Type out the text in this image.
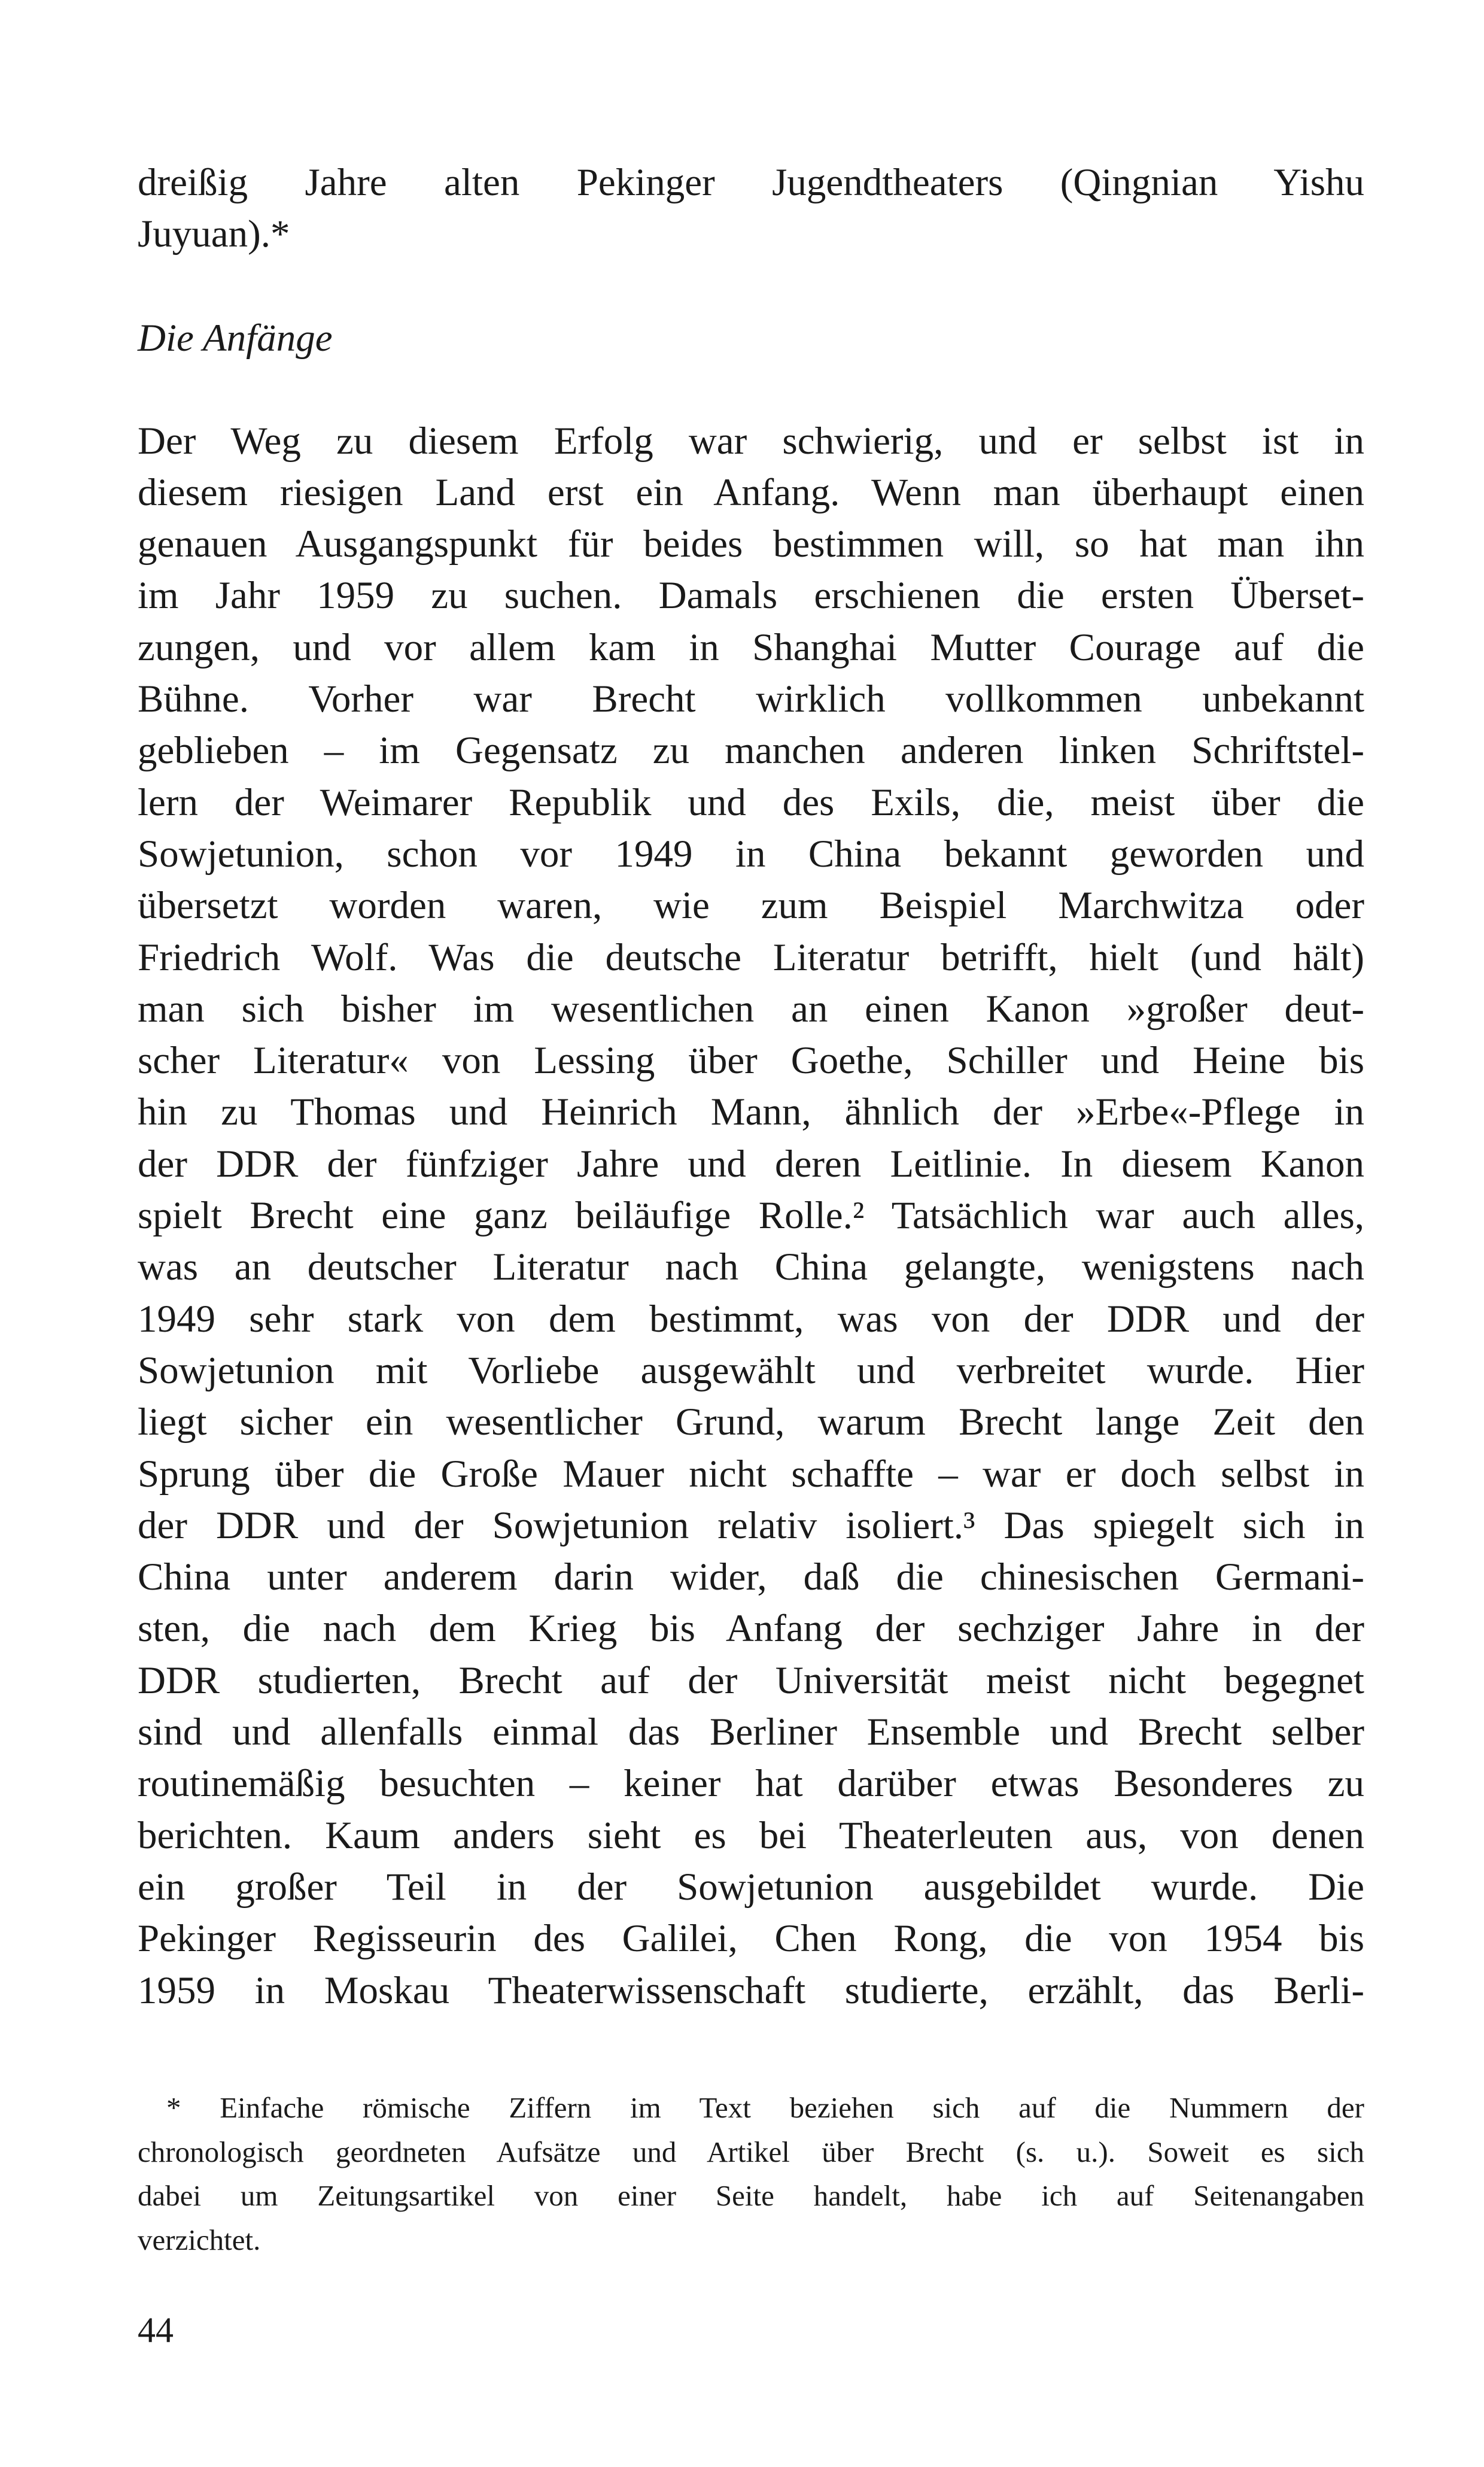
dreißig Jahre alten Pekinger Jugendtheaters (Qingnian Yishu
Juyuan).*
Die Anfänge
Der Weg zu diesem Erfolg war schwierig, und er selbst ist in
diesem riesigen Land erst ein Anfang. Wenn man überhaupt einen
genauen Ausgangspunkt für beides bestimmen will, so hat man ihn
im Jahr 1959 zu suchen. Damals erschienen die ersten Überset-
zungen, und vor allem kam in Shanghai Mutter Courage auf die
Bühne. Vorher war Brecht wirklich vollkommen unbekannt
geblieben – im Gegensatz zu manchen anderen linken Schriftstel-
lern der Weimarer Republik und des Exils, die, meist über die
Sowjetunion, schon vor 1949 in China bekannt geworden und
übersetzt worden waren, wie zum Beispiel Marchwitza oder
Friedrich Wolf. Was die deutsche Literatur betrifft, hielt (und hält)
man sich bisher im wesentlichen an einen Kanon »großer deut-
scher Literatur« von Lessing über Goethe, Schiller und Heine bis
hin zu Thomas und Heinrich Mann, ähnlich der »Erbe«-Pflege in
der DDR der fünfziger Jahre und deren Leitlinie. In diesem Kanon
spielt Brecht eine ganz beiläufige Rolle.² Tatsächlich war auch alles,
was an deutscher Literatur nach China gelangte, wenigstens nach
1949 sehr stark von dem bestimmt, was von der DDR und der
Sowjetunion mit Vorliebe ausgewählt und verbreitet wurde. Hier
liegt sicher ein wesentlicher Grund, warum Brecht lange Zeit den
Sprung über die Große Mauer nicht schaffte – war er doch selbst in
der DDR und der Sowjetunion relativ isoliert.³ Das spiegelt sich in
China unter anderem darin wider, daß die chinesischen Germani-
sten, die nach dem Krieg bis Anfang der sechziger Jahre in der
DDR studierten, Brecht auf der Universität meist nicht begegnet
sind und allenfalls einmal das Berliner Ensemble und Brecht selber
routinemäßig besuchten – keiner hat darüber etwas Besonderes zu
berichten. Kaum anders sieht es bei Theaterleuten aus, von denen
ein großer Teil in der Sowjetunion ausgebildet wurde. Die
Pekinger Regisseurin des Galilei, Chen Rong, die von 1954 bis
1959 in Moskau Theaterwissenschaft studierte, erzählt, das Berli-
* Einfache römische Ziffern im Text beziehen sich auf die Nummern der
chronologisch geordneten Aufsätze und Artikel über Brecht (s. u.). Soweit es sich
dabei um Zeitungsartikel von einer Seite handelt, habe ich auf Seitenangaben
verzichtet.
44
